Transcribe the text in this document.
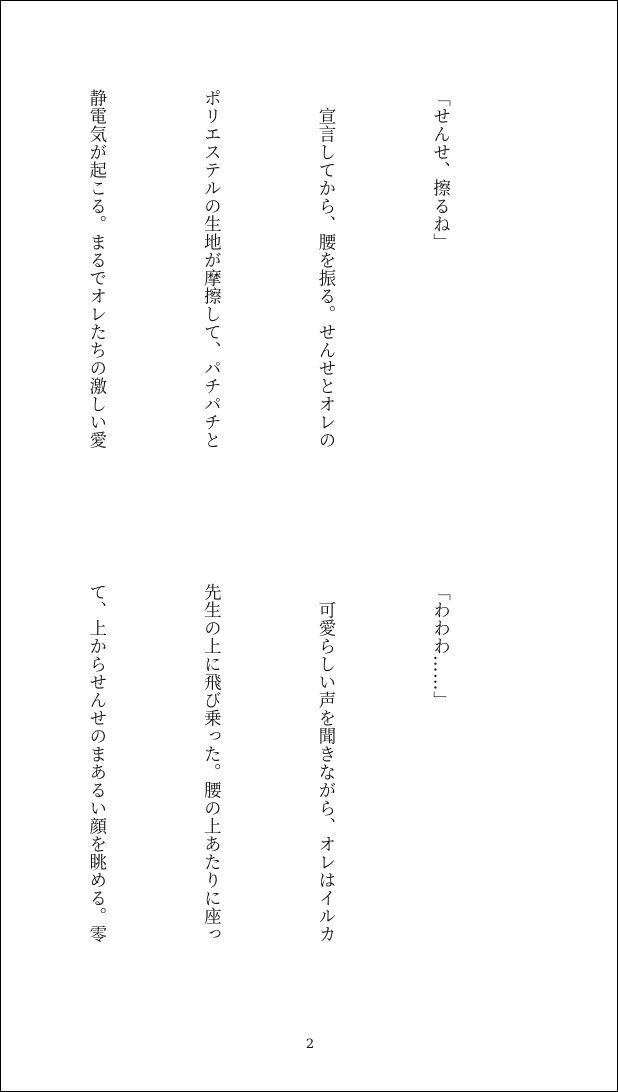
「せんせ、擦るね」

　宣言してから、腰を振る。せんせとオレの

ポリエステルの生地が摩擦して、パチパチと

静電気が起こる。まるでオレたちの激しい愛

「わわわ……」

　可愛らしい声を聞きながら、オレはイルカ

先生の上に飛び乗った。腰の上あたりに座っ

て、上からせんせのまあるい顔を眺める。零

2
